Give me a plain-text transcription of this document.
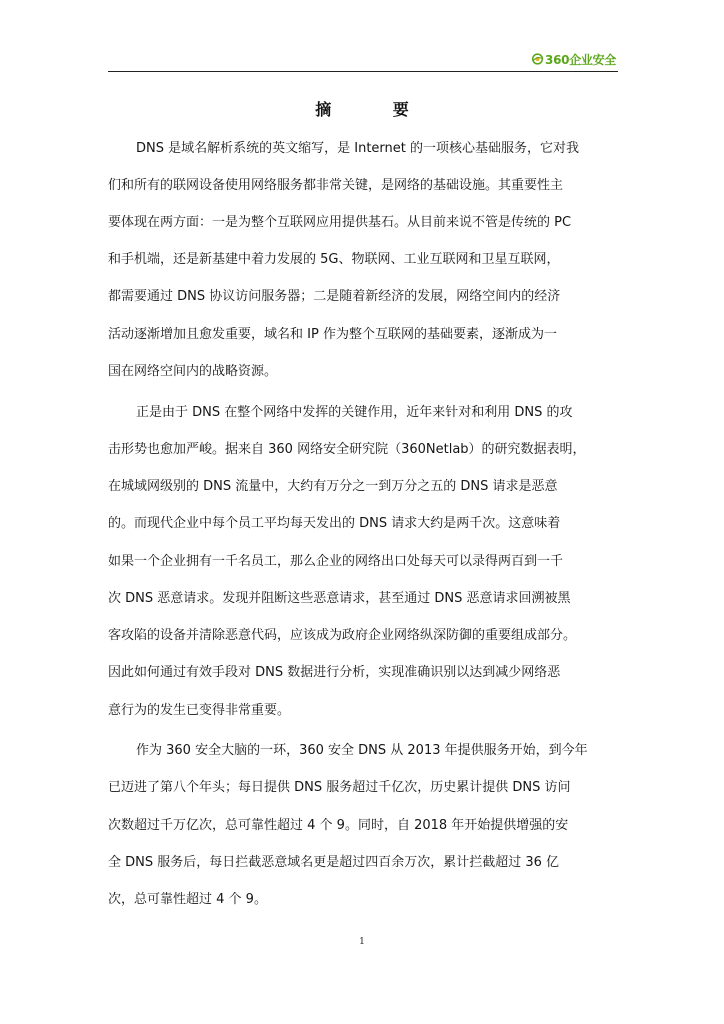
360企业安全
摘 要
DNS 是域名解析系统的英文缩写，是 Internet 的一项核心基础服务，它对我
们和所有的联网设备使用网络服务都非常关键，是网络的基础设施。其重要性主
要体现在两方面：一是为整个互联网应用提供基石。从目前来说不管是传统的 PC
和手机端，还是新基建中着力发展的 5G、物联网、工业互联网和卫星互联网，
都需要通过 DNS 协议访问服务器；二是随着新经济的发展，网络空间内的经济
活动逐渐增加且愈发重要，域名和 IP 作为整个互联网的基础要素，逐渐成为一
国在网络空间内的战略资源。
正是由于 DNS 在整个网络中发挥的关键作用，近年来针对和利用 DNS 的攻
击形势也愈加严峻。据来自 360 网络安全研究院（360Netlab）的研究数据表明，
在城域网级别的 DNS 流量中，大约有万分之一到万分之五的 DNS 请求是恶意
的。而现代企业中每个员工平均每天发出的 DNS 请求大约是两千次。这意味着
如果一个企业拥有一千名员工，那么企业的网络出口处每天可以录得两百到一千
次 DNS 恶意请求。发现并阻断这些恶意请求，甚至通过 DNS 恶意请求回溯被黑
客攻陷的设备并清除恶意代码，应该成为政府企业网络纵深防御的重要组成部分。
因此如何通过有效手段对 DNS 数据进行分析，实现准确识别以达到减少网络恶
意行为的发生已变得非常重要。
作为 360 安全大脑的一环，360 安全 DNS 从 2013 年提供服务开始，到今年
已迈进了第八个年头；每日提供 DNS 服务超过千亿次，历史累计提供 DNS 访问
次数超过千万亿次，总可靠性超过 4 个 9。同时，自 2018 年开始提供增强的安
全 DNS 服务后，每日拦截恶意域名更是超过四百余万次，累计拦截超过 36 亿
次，总可靠性超过 4 个 9。
1
